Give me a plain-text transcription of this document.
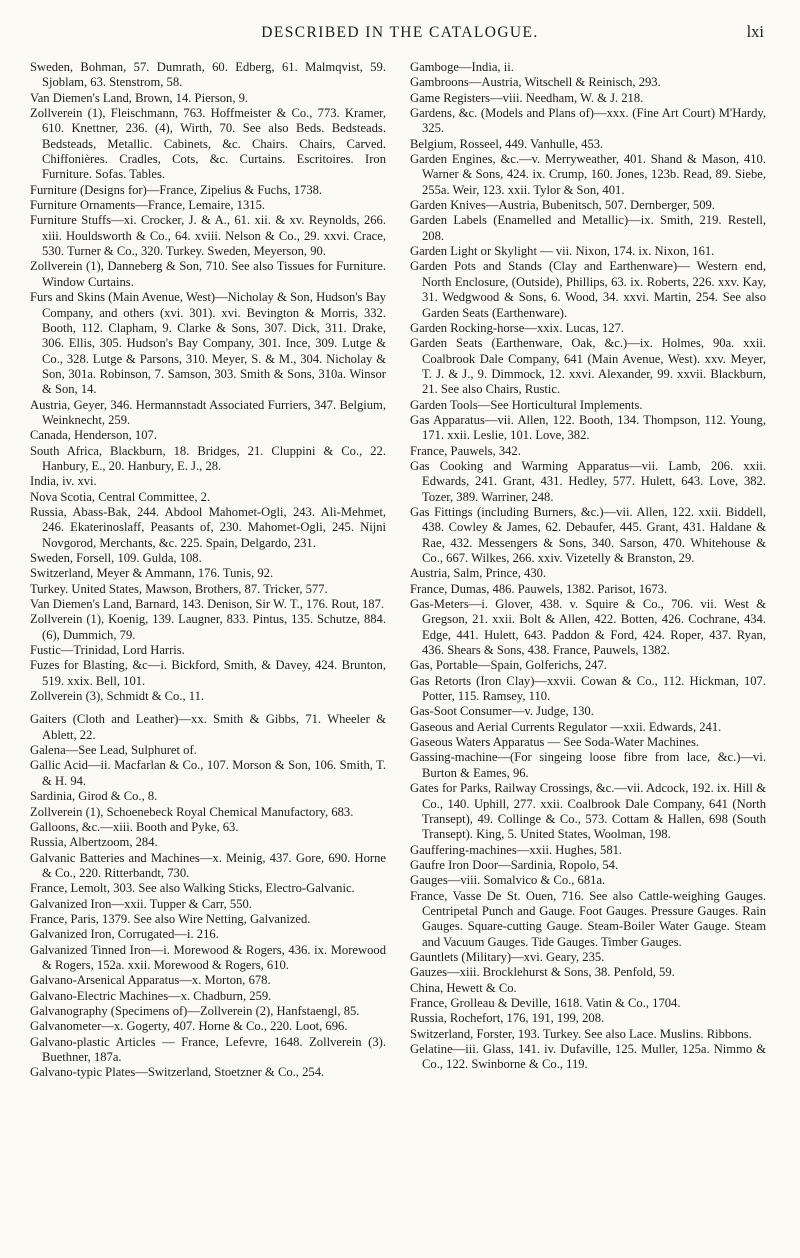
DESCRIBED IN THE CATALOGUE.	lxi

Sweden, Bohman, 57. Dumrath, 60. Edberg, 61. Malmqvist, 59. Sjoblam, 63. Stenstrom, 58.

Van Diemen's Land, Brown, 14. Pierson, 9.

Zollverein (1), Fleischmann, 763. Hoffmeister & Co., 773. Kramer, 610. Knettner, 236. (4), Wirth, 70. See also Beds. Bedsteads. Bedsteads, Metallic. Cabinets, &c. Chairs. Chairs, Carved. Chiffonières. Cradles, Cots, &c. Curtains. Escritoires. Iron Furniture. Sofas. Tables.

Furniture (Designs for)—France, Zipelius & Fuchs, 1738.

Furniture Ornaments—France, Lemaire, 1315.

Furniture Stuffs—xi. Crocker, J. & A., 61. xii. & xv. Reynolds, 266. xiii. Houldsworth & Co., 64. xviii. Nelson & Co., 29. xxvi. Crace, 530. Turner & Co., 320. Turkey. Sweden, Meyerson, 90.

Zollverein (1), Danneberg & Son, 710. See also Tissues for Furniture. Window Curtains.

Furs and Skins (Main Avenue, West)—Nicholay & Son, Hudson's Bay Company, and others (xvi. 301). xvi. Bevington & Morris, 332. Booth, 112. Clapham, 9. Clarke & Sons, 307. Dick, 311. Drake, 306. Ellis, 305. Hudson's Bay Company, 301. Ince, 309. Lutge & Co., 328. Lutge & Parsons, 310. Meyer, S. & M., 304. Nicholay & Son, 301a. Robinson, 7. Samson, 303. Smith & Sons, 310a. Winsor & Son, 14.

Austria, Geyer, 346. Hermannstadt Associated Furriers, 347. Belgium, Weinknecht, 259.

Canada, Henderson, 107.

South Africa, Blackburn, 18. Bridges, 21. Cluppini & Co., 22. Hanbury, E., 20. Hanbury, E. J., 28.

India, iv. xvi.

Nova Scotia, Central Committee, 2.

Russia, Abass-Bak, 244. Abdool Mahomet-Ogli, 243. Ali-Mehmet, 246. Ekaterinoslaff, Peasants of, 230. Mahomet-Ogli, 245. Nijni Novgorod, Merchants, &c. 225. Spain, Delgardo, 231.

Sweden, Forsell, 109. Gulda, 108.

Switzerland, Meyer & Ammann, 176. Tunis, 92.

Turkey. United States, Mawson, Brothers, 87. Tricker, 577.

Van Diemen's Land, Barnard, 143. Denison, Sir W. T., 176. Rout, 187.

Zollverein (1), Koenig, 139. Laugner, 833. Pintus, 135. Schutze, 884. (6), Dummich, 79.

Fustic—Trinidad, Lord Harris.

Fuzes for Blasting, &c—i. Bickford, Smith, & Davey, 424. Brunton, 519. xxix. Bell, 101.

Zollverein (3), Schmidt & Co., 11.

Gaiters (Cloth and Leather)—xx. Smith & Gibbs, 71. Wheeler & Ablett, 22.

Galena—See Lead, Sulphuret of.

Gallic Acid—ii. Macfarlan & Co., 107. Morson & Son, 106. Smith, T. & H. 94.

Sardinia, Girod & Co., 8.

Zollverein (1), Schoenebeck Royal Chemical Manufactory, 683.

Galloons, &c.—xiii. Booth and Pyke, 63.

Russia, Albertzoom, 284.

Galvanic Batteries and Machines—x. Meinig, 437. Gore, 690. Horne & Co., 220. Ritterbandt, 730.

France, Lemolt, 303. See also Walking Sticks, Electro-Galvanic.

Galvanized Iron—xxii. Tupper & Carr, 550.

France, Paris, 1379. See also Wire Netting, Galvanized.

Galvanized Iron, Corrugated—i. 216.

Galvanized Tinned Iron—i. Morewood & Rogers, 436. ix. Morewood & Rogers, 152a. xxii. Morewood & Rogers, 610.

Galvano-Arsenical Apparatus—x. Morton, 678.

Galvano-Electric Machines—x. Chadburn, 259.

Galvanography (Specimens of)—Zollverein (2), Hanfstaengl, 85.

Galvanometer—x. Gogerty, 407. Horne & Co., 220. Loot, 696.

Galvano-plastic Articles — France, Lefevre, 1648. Zollverein (3). Buethner, 187a.

Galvano-typic Plates—Switzerland, Stoetzner & Co., 254.

Gamboge—India, ii.

Gambroons—Austria, Witschell & Reinisch, 293.

Game Registers—viii. Needham, W. & J. 218.

Gardens, &c. (Models and Plans of)—xxx. (Fine Art Court) M'Hardy, 325.

Belgium, Rosseel, 449. Vanhulle, 453.

Garden Engines, &c.—v. Merryweather, 401. Shand & Mason, 410. Warner & Sons, 424. ix. Crump, 160. Jones, 123b. Read, 89. Siebe, 255a. Weir, 123. xxii. Tylor & Son, 401.

Garden Knives—Austria, Bubenitsch, 507. Dernberger, 509.

Garden Labels (Enamelled and Metallic)—ix. Smith, 219. Restell, 208.

Garden Light or Skylight — vii. Nixon, 174. ix. Nixon, 161.

Garden Pots and Stands (Clay and Earthenware)— Western end, North Enclosure, (Outside), Phillips, 63. ix. Roberts, 226. xxv. Kay, 31. Wedgwood & Sons, 6. Wood, 34. xxvi. Martin, 254. See also Garden Seats (Earthenware).

Garden Rocking-horse—xxix. Lucas, 127.

Garden Seats (Earthenware, Oak, &c.)—ix. Holmes, 90a. xxii. Coalbrook Dale Company, 641 (Main Avenue, West). xxv. Meyer, T. J. & J., 9. Dimmock, 12. xxvi. Alexander, 99. xxvii. Blackburn, 21. See also Chairs, Rustic.

Garden Tools—See Horticultural Implements.

Gas Apparatus—vii. Allen, 122. Booth, 134. Thompson, 112. Young, 171. xxii. Leslie, 101. Love, 382.

France, Pauwels, 342.

Gas Cooking and Warming Apparatus—vii. Lamb, 206. xxii. Edwards, 241. Grant, 431. Hedley, 577. Hulett, 643. Love, 382. Tozer, 389. Warriner, 248.

Gas Fittings (including Burners, &c.)—vii. Allen, 122. xxii. Biddell, 438. Cowley & James, 62. Debaufer, 445. Grant, 431. Haldane & Rae, 432. Messengers & Sons, 340. Sarson, 470. Whitehouse & Co., 667. Wilkes, 266. xxiv. Vizetelly & Branston, 29.

Austria, Salm, Prince, 430.

France, Dumas, 486. Pauwels, 1382. Parisot, 1673.

Gas-Meters—i. Glover, 438. v. Squire & Co., 706. vii. West & Gregson, 21. xxii. Bolt & Allen, 422. Botten, 426. Cochrane, 434. Edge, 441. Hulett, 643. Paddon & Ford, 424. Roper, 437. Ryan, 436. Shears & Sons, 438. France, Pauwels, 1382.

Gas, Portable—Spain, Golferichs, 247.

Gas Retorts (Iron Clay)—xxvii. Cowan & Co., 112. Hickman, 107. Potter, 115. Ramsey, 110.

Gas-Soot Consumer—v. Judge, 130.

Gaseous and Aerial Currents Regulator —xxii. Edwards, 241.

Gaseous Waters Apparatus — See Soda-Water Machines.

Gassing-machine—(For singeing loose fibre from lace, &c.)—vi. Burton & Eames, 96.

Gates for Parks, Railway Crossings, &c.—vii. Adcock, 192. ix. Hill & Co., 140. Uphill, 277. xxii. Coalbrook Dale Company, 641 (North Transept), 49. Collinge & Co., 573. Cottam & Hallen, 698 (South Transept). King, 5. United States, Woolman, 198.

Gauffering-machines—xxii. Hughes, 581.

Gaufre Iron Door—Sardinia, Ropolo, 54.

Gauges—viii. Somalvico & Co., 681a.

France, Vasse De St. Ouen, 716. See also Cattle-weighing Gauges. Centripetal Punch and Gauge. Foot Gauges. Pressure Gauges. Rain Gauges. Square-cutting Gauge. Steam-Boiler Water Gauge. Steam and Vacuum Gauges. Tide Gauges. Timber Gauges.

Gauntlets (Military)—xvi. Geary, 235.

Gauzes—xiii. Brocklehurst & Sons, 38. Penfold, 59.

China, Hewett & Co.

France, Grolleau & Deville, 1618. Vatin & Co., 1704.

Russia, Rochefort, 176, 191, 199, 208.

Switzerland, Forster, 193. Turkey. See also Lace. Muslins. Ribbons.

Gelatine—iii. Glass, 141. iv. Dufaville, 125. Muller, 125a. Nimmo & Co., 122. Swinborne & Co., 119.
